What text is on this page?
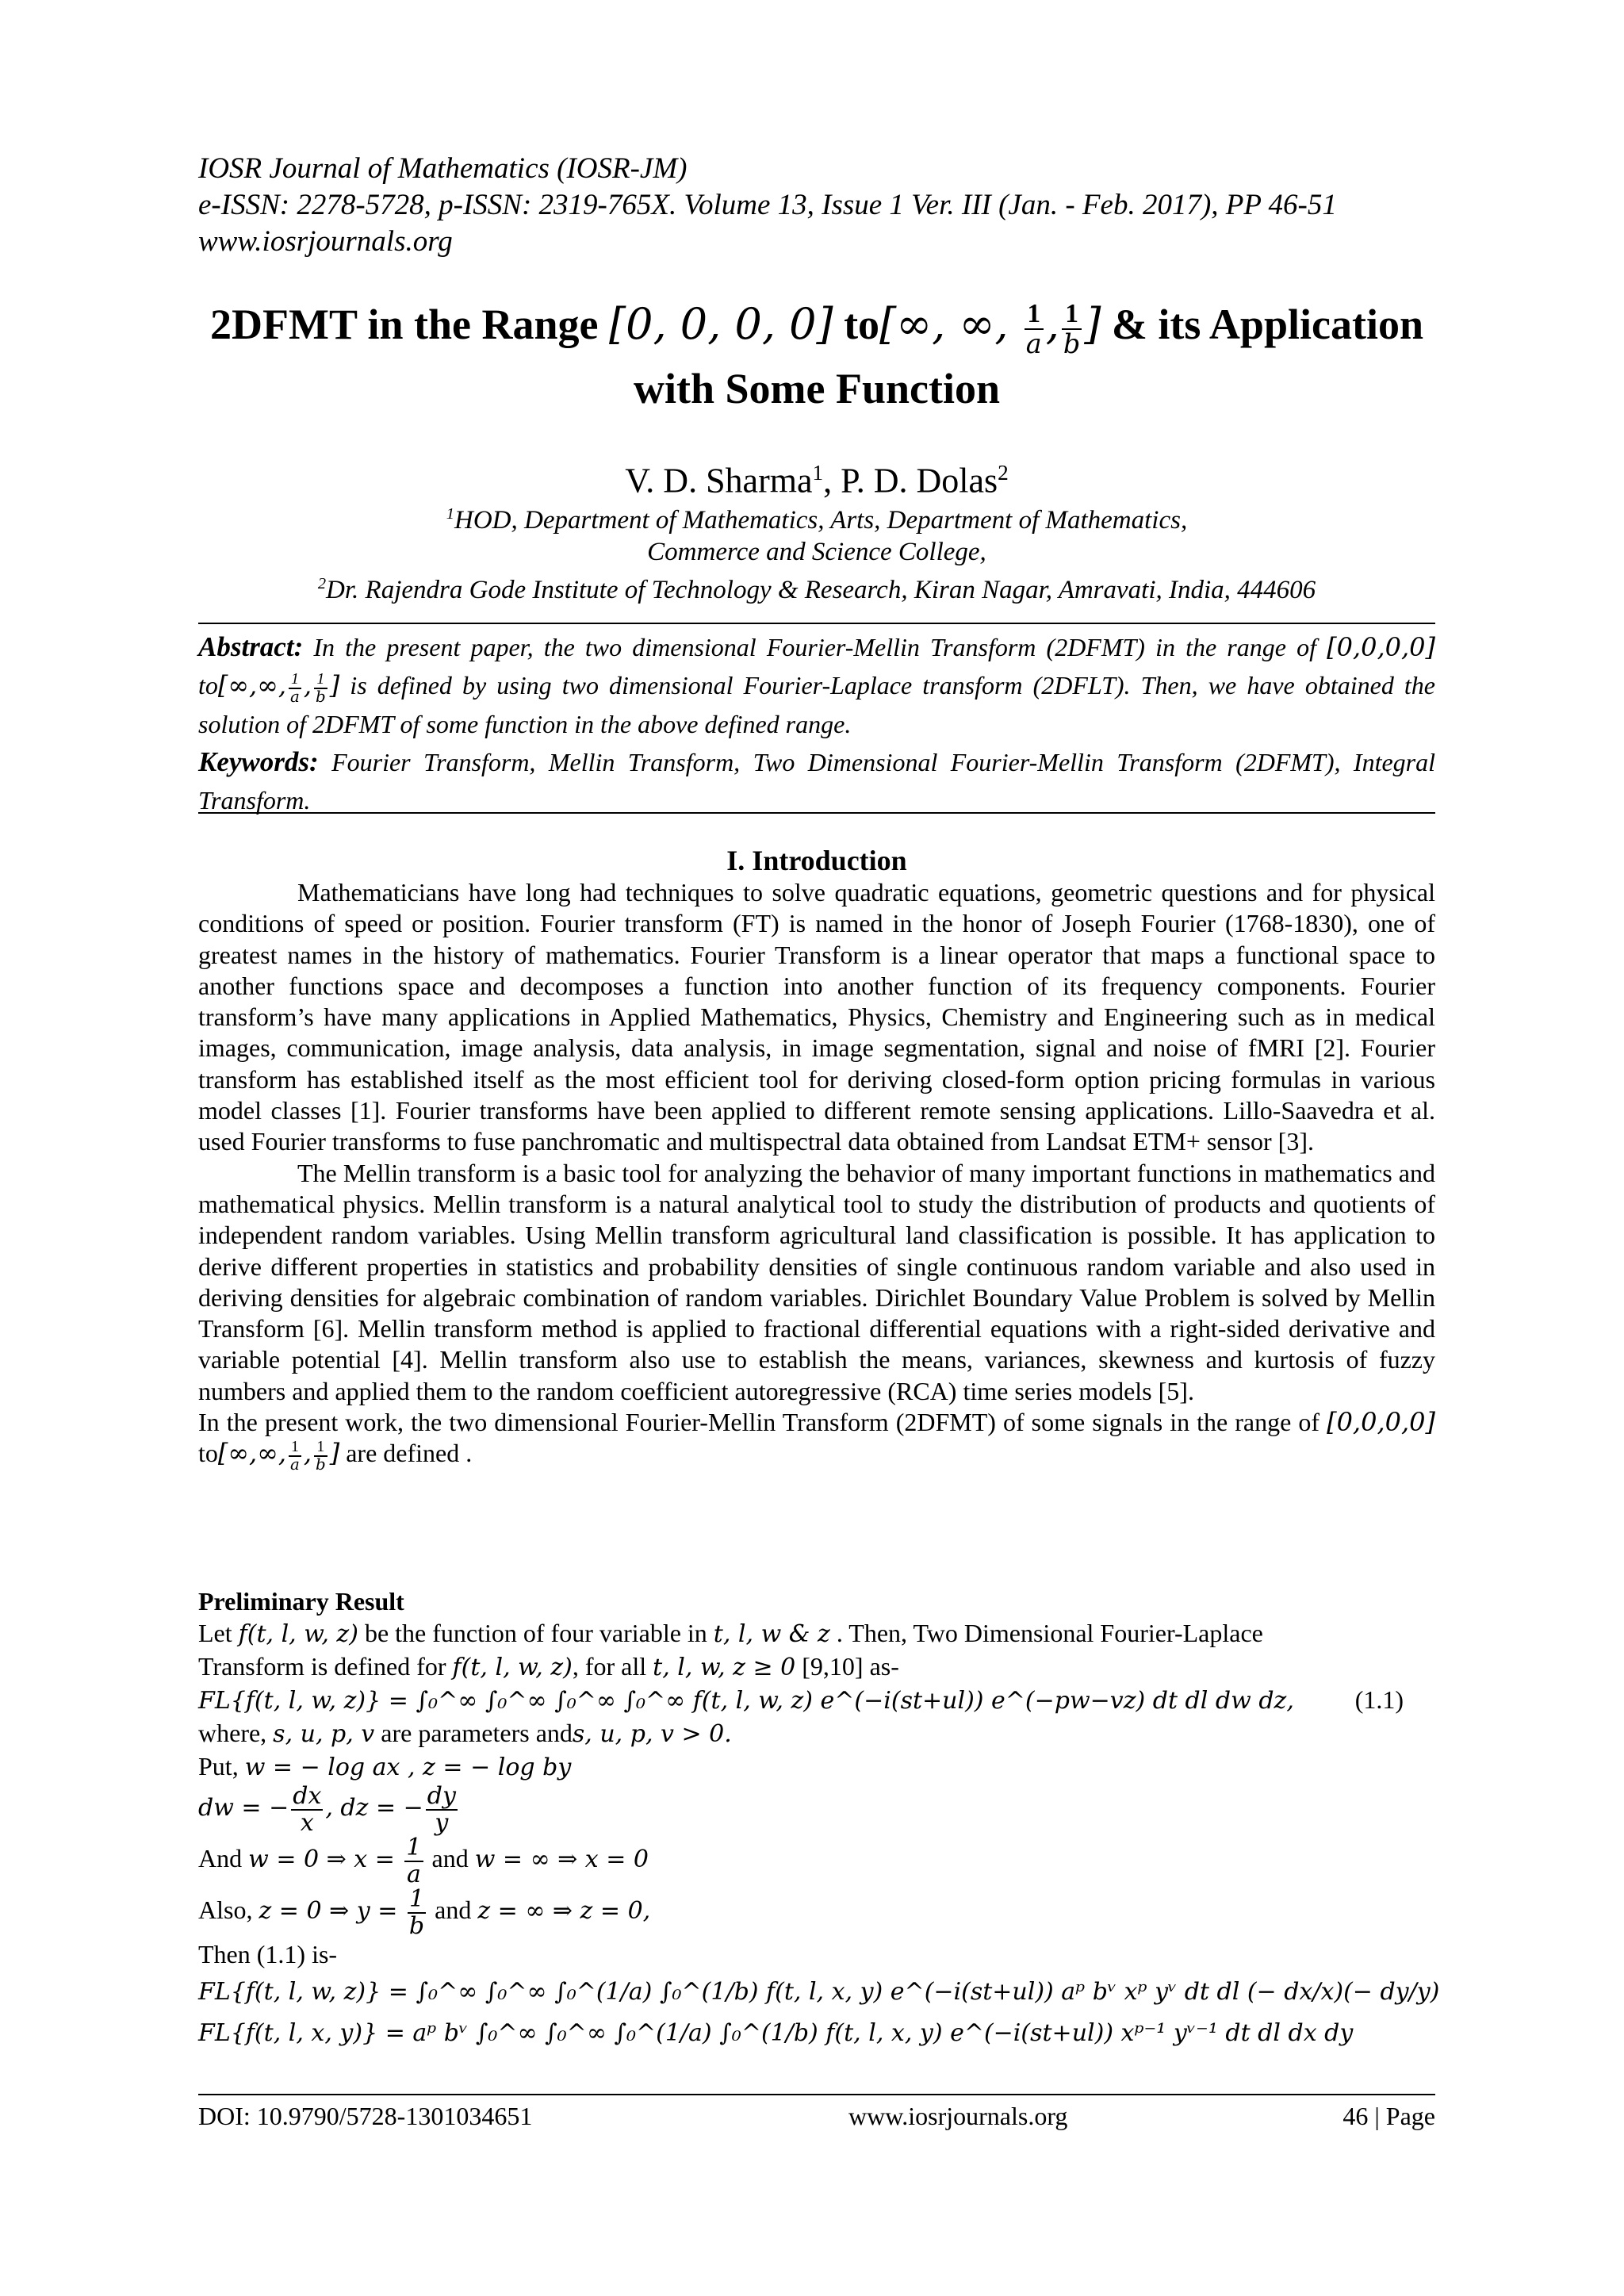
IOSR Journal of Mathematics (IOSR-JM)
e-ISSN: 2278-5728, p-ISSN: 2319-765X. Volume 13, Issue 1 Ver. III (Jan. - Feb. 2017), PP 46-51
www.iosrjournals.org
2DFMT in the Range [0, 0, 0, 0] to[∞, ∞, $\frac{1}{a}$ , $\frac{1}{b}$ ] & its Application
with Some Function
V. D. Sharma$^1$, P. D. Dolas$^2$
$^1$HOD, Department of Mathematics, Arts, Department of Mathematics,
Commerce and Science College,
$^2$Dr. Rajendra Gode Institute of Technology & Research, Kiran Nagar, Amravati, India, 444606
Abstract: In the present paper, the two dimensional Fourier-Mellin Transform (2DFMT) in the range of [0,0,0,0] to[∞,∞, $\frac{1}{a}$ , $\frac{1}{b}$ ] is defined by using two dimensional Fourier-Laplace transform (2DFLT). Then, we have obtained the solution of 2DFMT of some function in the above defined range.
Keywords: Fourier Transform, Mellin Transform, Two Dimensional Fourier-Mellin Transform (2DFMT), Integral Transform.
I. Introduction

Mathematicians have long had techniques to solve quadratic equations, geometric questions and for physical conditions of speed or position. Fourier transform (FT) is named in the honor of Joseph Fourier (1768-1830), one of greatest names in the history of mathematics. Fourier Transform is a linear operator that maps a functional space to another functions space and decomposes a function into another function of its frequency components. Fourier transform’s have many applications in Applied Mathematics, Physics, Chemistry and Engineering such as in medical images, communication, image analysis, data analysis, in image segmentation, signal and noise of fMRI [2]. Fourier transform has established itself as the most efficient tool for deriving closed-form option pricing formulas in various model classes [1]. Fourier transforms have been applied to different remote sensing applications. Lillo-Saavedra et al. used Fourier transforms to fuse panchromatic and multispectral data obtained from Landsat ETM+ sensor [3].

The Mellin transform is a basic tool for analyzing the behavior of many important functions in mathematics and mathematical physics. Mellin transform is a natural analytical tool to study the distribution of products and quotients of independent random variables. Using Mellin transform agricultural land classification is possible. It has application to derive different properties in statistics and probability densities of single continuous random variable and also used in deriving densities for algebraic combination of random variables. Dirichlet Boundary Value Problem is solved by Mellin Transform [6]. Mellin transform method is applied to fractional differential equations with a right-sided derivative and variable potential [4]. Mellin transform also use to establish the means, variances, skewness and kurtosis of fuzzy numbers and applied them to the random coefficient autoregressive (RCA) time series models [5].

In the present work, the two dimensional Fourier-Mellin Transform (2DFMT) of some signals in the range of [0,0,0,0] to[∞,∞, $\frac{1}{a}$ , $\frac{1}{b}$ ] are defined .

Preliminary Result
Let f(t, l, w, z) be the function of four variable in t, l, w & z . Then, Two Dimensional Fourier-Laplace
Transform is defined for f(t, l, w, z), for all t, l, w, z ≥ 0 [9,10] as-
FL{f(t, l, w, z)} = ∫₀^∞ ∫₀^∞ ∫₀^∞ ∫₀^∞ f(t, l, w, z) e^(−i(st+ul)) e^(−pw−vz) dt dl dw dz, (1.1)
where, s, u, p, v are parameters ands, u, p, v > 0.
Put, w = − log ax , z = − log by
dw = − $\frac{dx}{x}$ , dz = − $\frac{dy}{y}$
And w = 0 ⇒ $x = \frac{1}{a}$ and w = ∞ ⇒ x = 0
Also, z = 0 ⇒ $y = \frac{1}{b}$ and z = ∞ ⇒ z = 0,
Then (1.1) is-
FL{f(t, l, w, z)} = ∫₀^∞ ∫₀^∞ ∫₀^(1/a) ∫₀^(1/b) f(t, l, x, y) e^(−i(st+ul)) aᵖ bᵛ xᵖ yᵛ dt dl (− dx/x)(− dy/y)
FL{f(t, l, x, y)} = aᵖ bᵛ ∫₀^∞ ∫₀^∞ ∫₀^(1/a) ∫₀^(1/b) f(t, l, x, y) e^(−i(st+ul)) xᵖ⁻¹ yᵛ⁻¹ dt dl dx dy
DOI: 10.9790/5728-1301034651	www.iosrjournals.org	46 | Page
